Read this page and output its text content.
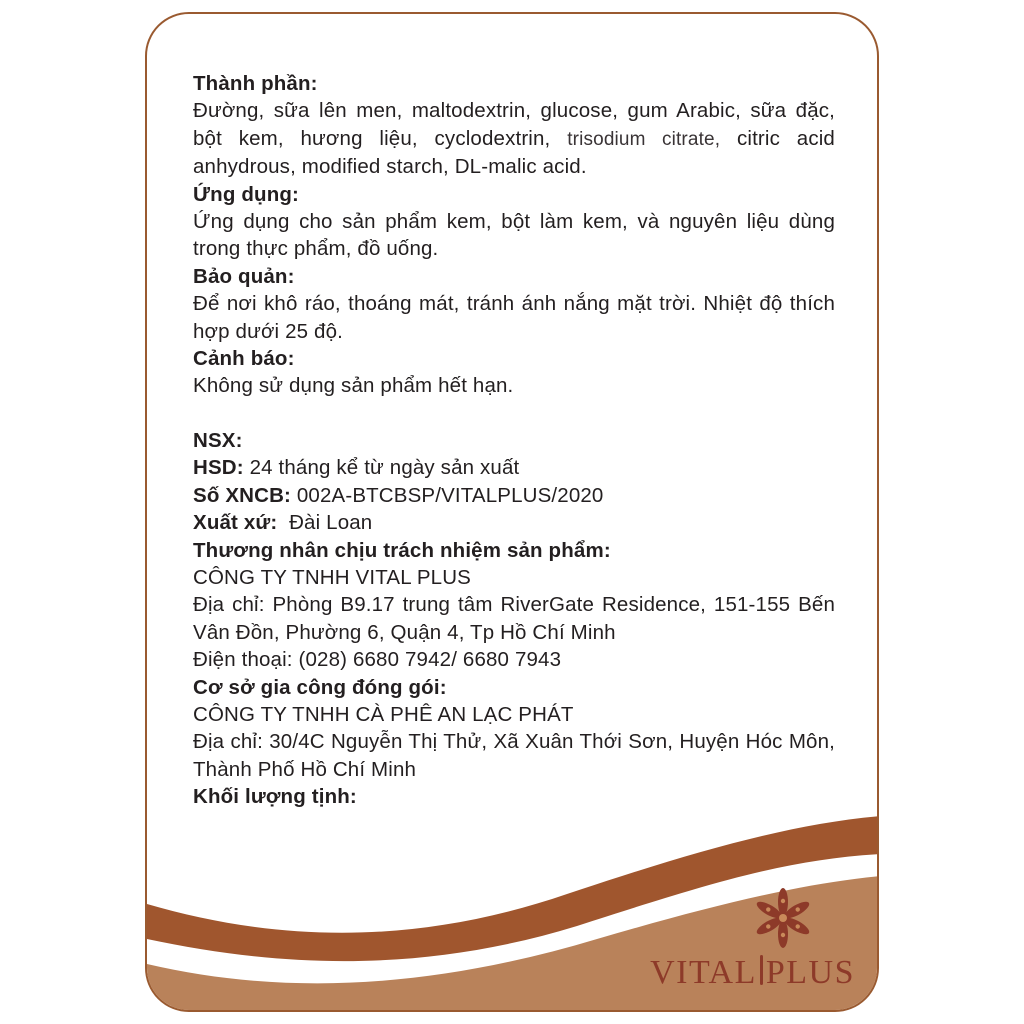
Thành phần:

Đường, sữa lên men, maltodextrin, glucose, gum Arabic, sữa đặc, bột kem, hương liệu, cyclodextrin, trisodium citrate, citric acid anhydrous, modified starch, DL-malic acid.

Ứng dụng:

Ứng dụng cho sản phẩm kem, bột làm kem, và nguyên liệu dùng trong thực phẩm, đồ uống.

Bảo quản:

Để nơi khô ráo, thoáng mát, tránh ánh nắng mặt trời. Nhiệt độ thích hợp dưới 25 độ.

Cảnh báo:

Không sử dụng sản phẩm hết hạn.

NSX:

HSD: 24 tháng kể từ ngày sản xuất

Số XNCB: 002A-BTCBSP/VITALPLUS/2020

Xuất xứ:  Đài Loan

Thương nhân chịu trách nhiệm sản phẩm:

CÔNG TY TNHH VITAL PLUS

Địa chỉ: Phòng B9.17 trung tâm RiverGate Residence, 151-155 Bến Vân Đồn, Phường 6, Quận 4, Tp Hồ Chí Minh

Điện thoại: (028) 6680 7942/ 6680 7943

Cơ sở gia công đóng gói:

CÔNG TY TNHH CÀ PHÊ AN LẠC PHÁT

Địa chỉ: 30/4C Nguyễn Thị Thử, Xã Xuân Thới Sơn, Huyện Hóc Môn, Thành Phố Hồ Chí Minh

Khối lượng tịnh:

VITAL PLUS
